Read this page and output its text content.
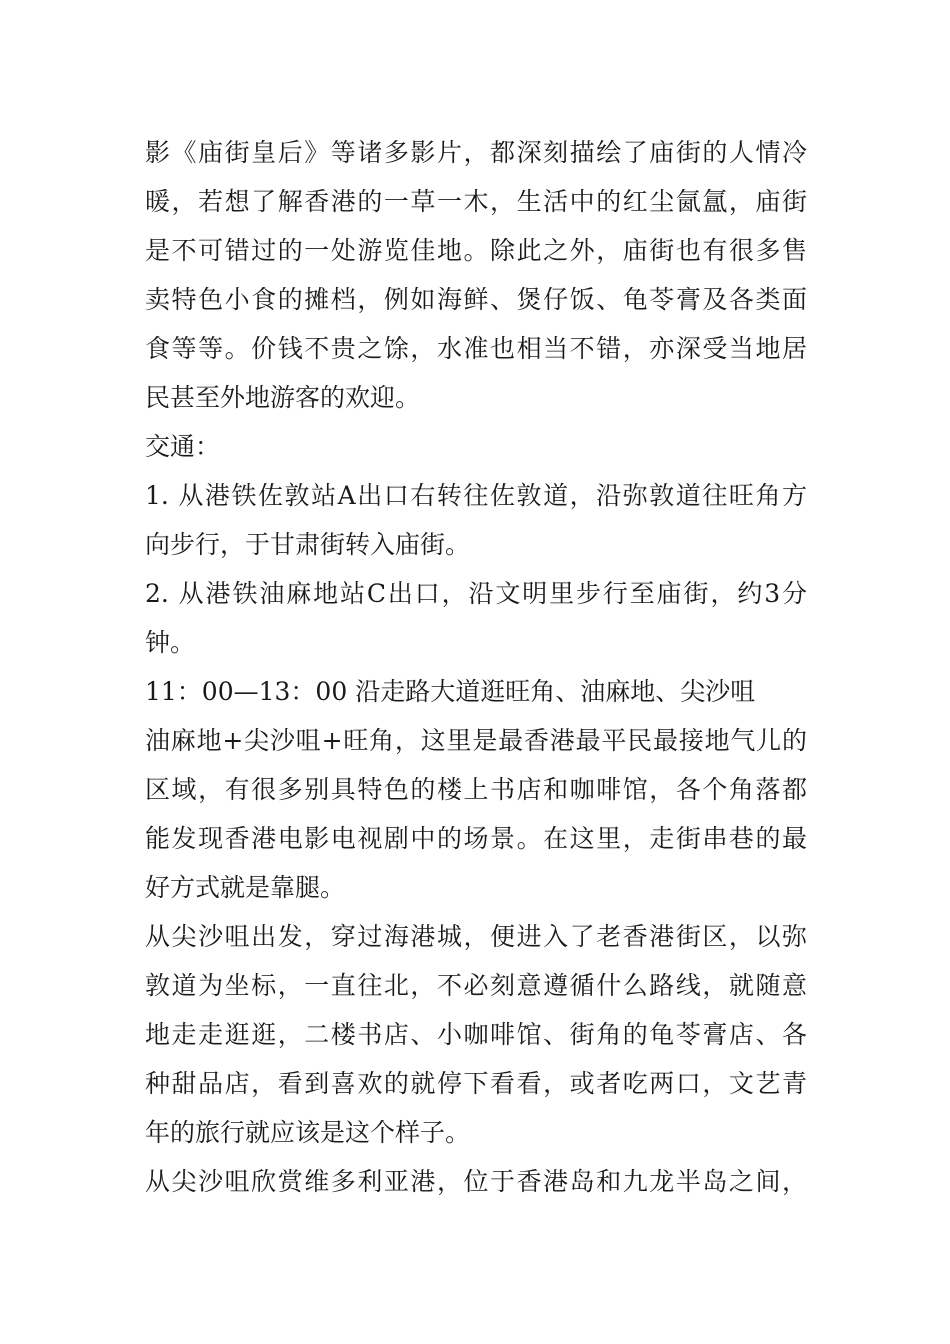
影《庙街皇后》等诸多影片，都深刻描绘了庙街的人情冷
暖，若想了解香港的一草一木，生活中的红尘氤氲，庙街
是不可错过的一处游览佳地。除此之外，庙街也有很多售
卖特色小食的摊档，例如海鲜、煲仔饭、龟苓膏及各类面
食等等。价钱不贵之馀，水准也相当不错，亦深受当地居
民甚至外地游客的欢迎。
交通：
1. 从港铁佐敦站A出口右转往佐敦道，沿弥敦道往旺角方
向步行，于甘肃街转入庙街。
2. 从港铁油麻地站C出口，沿文明里步行至庙街，约3分
钟。
11：00—13：00 沿走路大道逛旺角、油麻地、尖沙咀
油麻地+尖沙咀+旺角，这里是最香港最平民最接地气儿的
区域，有很多别具特色的楼上书店和咖啡馆，各个角落都
能发现香港电影电视剧中的场景。在这里，走街串巷的最
好方式就是靠腿。
从尖沙咀出发，穿过海港城，便进入了老香港街区，以弥
敦道为坐标，一直往北，不必刻意遵循什么路线，就随意
地走走逛逛，二楼书店、小咖啡馆、街角的龟苓膏店、各
种甜品店，看到喜欢的就停下看看，或者吃两口，文艺青
年的旅行就应该是这个样子。
从尖沙咀欣赏维多利亚港，位于香港岛和九龙半岛之间，
